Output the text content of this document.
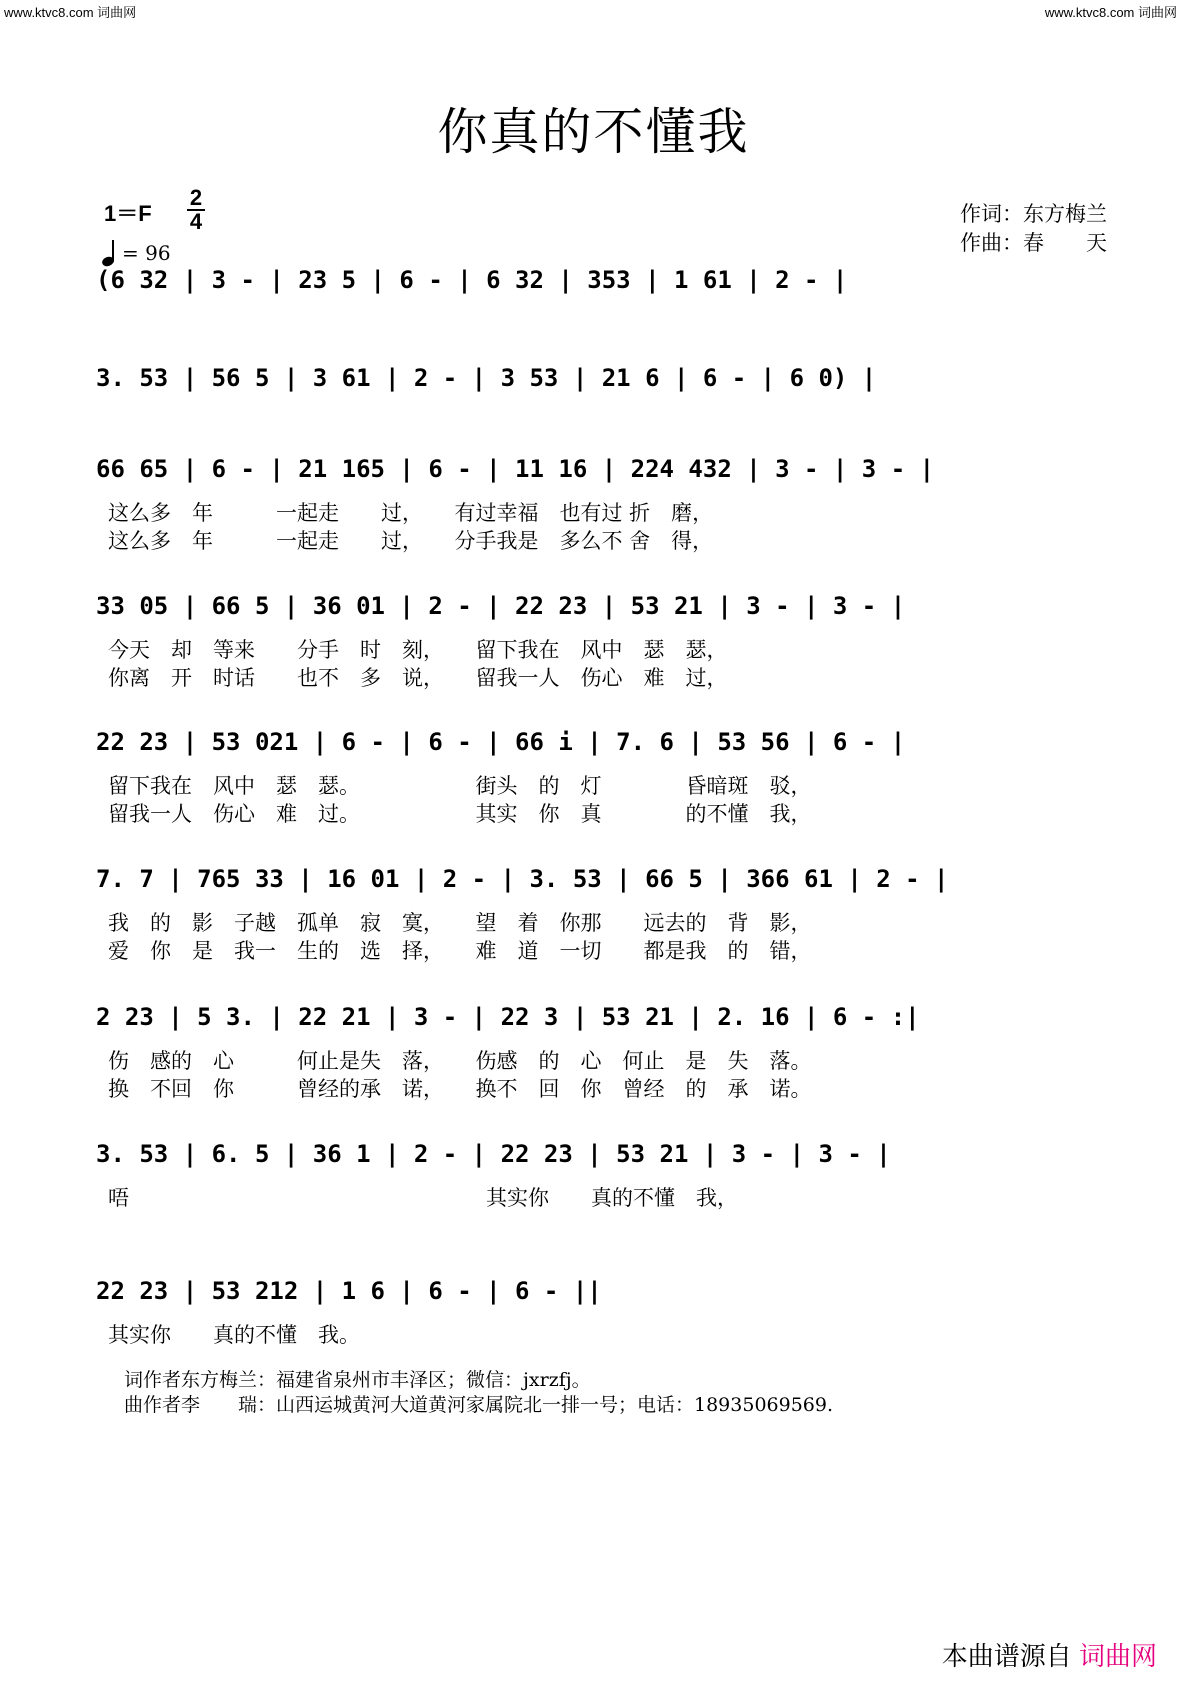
www.ktvc8.com 词曲网	www.ktvc8.com 词曲网
你真的不懂我
1＝F
2
4
= 96
作词：东方梅兰
作曲：春　　天
(6 32 | 3 - | 23 5 | 6 - | 6 32 | 353 | 1 61 | 2 - |
3. 53 | 56 5 | 3 61 | 2 - | 3 53 | 21 6 | 6 - | 6 0) |
66 65 | 6 - | 21 165 | 6 - | 11 16 | 224 432 | 3 - | 3 - |
这么多　年　　　一起走　　过，　　有过幸福　也有过 折　磨，
这么多　年　　　一起走　　过，　　分手我是　多么不 舍　得，
33 05 | 66 5 | 36 01 | 2 - | 22 23 | 53 21 | 3 - | 3 - |
今天　却　等来　　分手　时　刻，　　留下我在　风中　瑟　瑟，
你离　开　时话　　也不　多　说，　　留我一人　伤心　难　过，
22 23 | 53 021 | 6 - | 6 - | 66 i | 7. 6 | 53 56 | 6 - |
留下我在　风中　瑟　瑟。　　　　　　街头　的　灯　　　　昏暗斑　驳，
留我一人　伤心　难　过。　　　　　　其实　你　真　　　　的不懂　我，
7. 7 | 765 33 | 16 01 | 2 - | 3. 53 | 66 5 | 366 61 | 2 - |
我　的　影　子越　孤单　寂　寞，　　望　着　你那　　远去的　背　影，
爱　你　是　我一　生的　选　择，　　难　道　一切　　都是我　的　错，
2 23 | 5 3. | 22 21 | 3 - | 22 3 | 53 21 | 2. 16 | 6 - :|
伤　感的　心　　　何止是失　落，　　伤感　的　心　何止　是　失　落。
换　不回　你　　　曾经的承　诺，　　换不　回　你　曾经　的　承　诺。
3. 53 | 6. 5 | 36 1 | 2 - | 22 23 | 53 21 | 3 - | 3 - |
唔　　　　　　　　　　　　　　　　　其实你　　真的不懂　我，
22 23 | 53 212 | 1 6 | 6 - | 6 - ||
其实你　　真的不懂　我。
词作者东方梅兰：福建省泉州市丰泽区；微信：jxrzfj。
曲作者李　　瑞：山西运城黄河大道黄河家属院北一排一号；电话：18935069569.
本曲谱源自 词曲网
